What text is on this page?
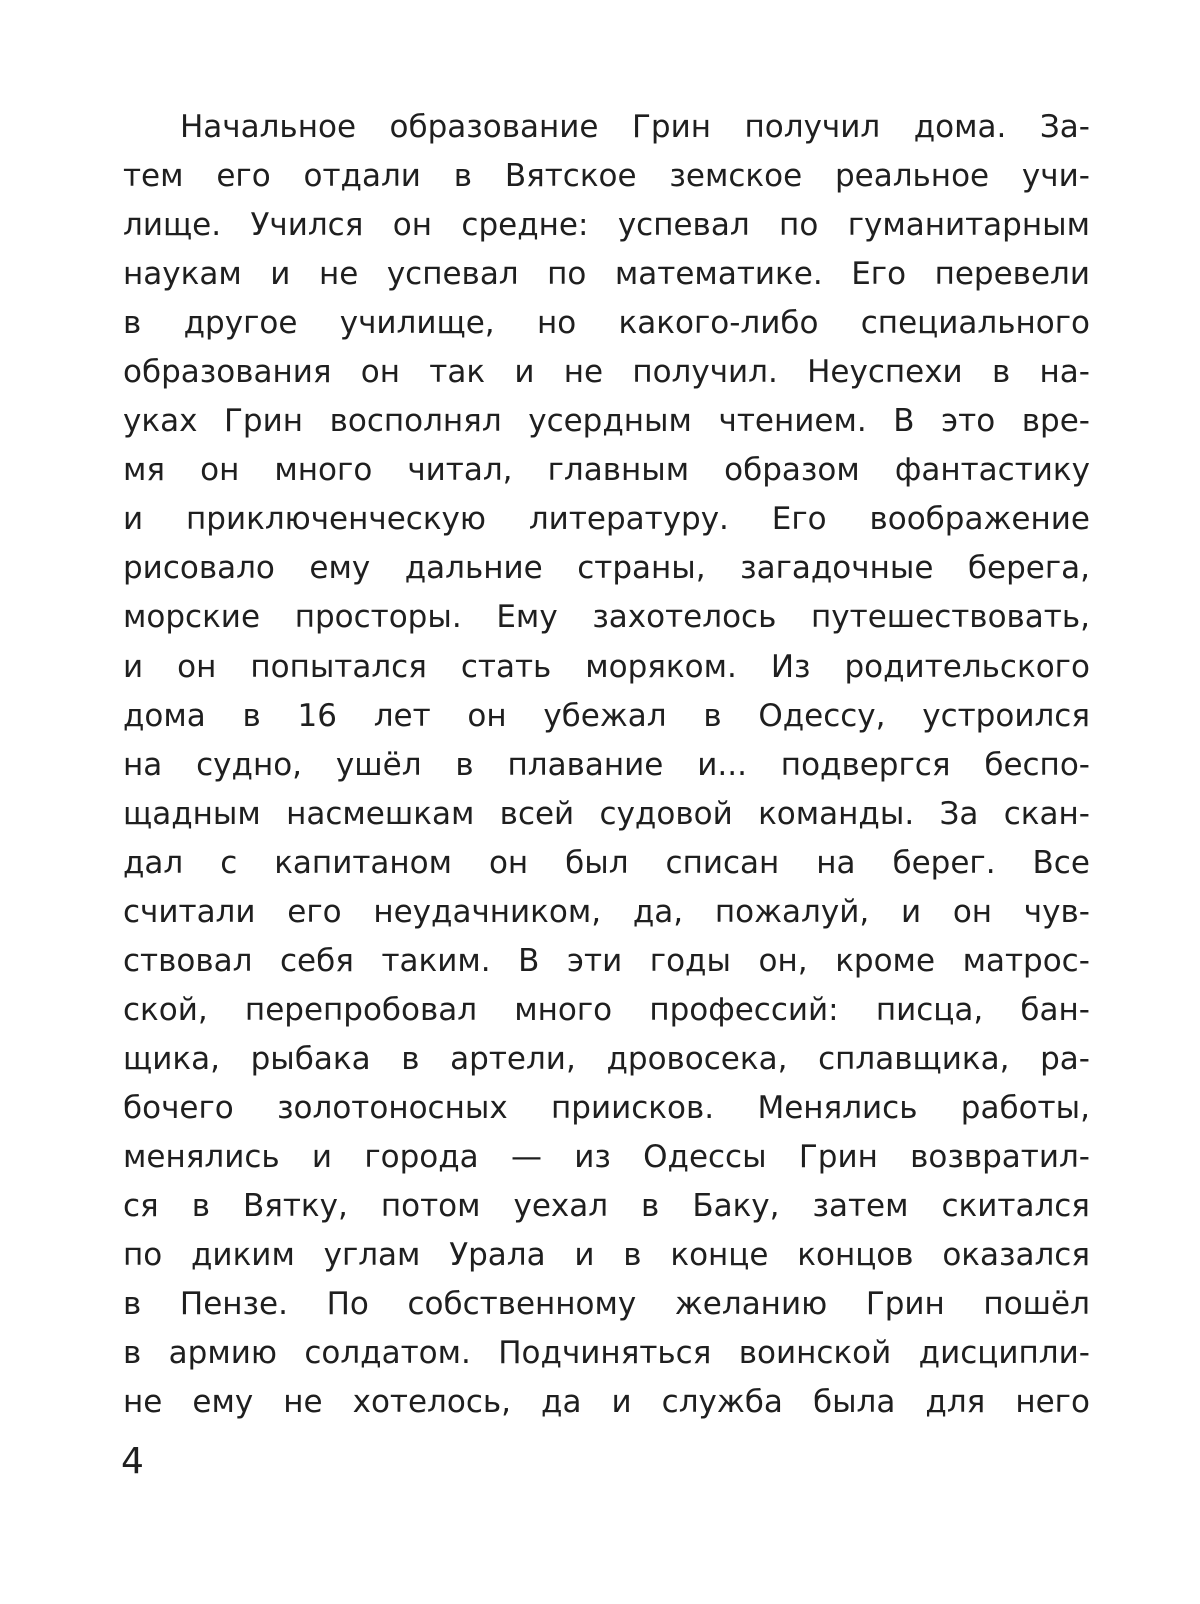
Начальное образование Грин получил дома. За-
тем его отдали в Вятское земское реальное учи-
лище. Учился он средне: успевал по гуманитарным
наукам и не успевал по математике. Его перевели
в другое училище, но какого-либо специального
образования он так и не получил. Неуспехи в на-
уках Грин восполнял усердным чтением. В это вре-
мя он много читал, главным образом фантастику
и приключенческую литературу. Его воображение
рисовало ему дальние страны, загадочные берега,
морские просторы. Ему захотелось путешествовать,
и он попытался стать моряком. Из родительского
дома в 16 лет он убежал в Одессу, устроился
на судно, ушёл в плавание и... подвергся беспо-
щадным насмешкам всей судовой команды. За скан-
дал с капитаном он был списан на берег. Все
считали его неудачником, да, пожалуй, и он чув-
ствовал себя таким. В эти годы он, кроме матрос-
ской, перепробовал много профессий: писца, бан-
щика, рыбака в артели, дровосека, сплавщика, ра-
бочего золотоносных приисков. Менялись работы,
менялись и города — из Одессы Грин возвратил-
ся в Вятку, потом уехал в Баку, затем скитался
по диким углам Урала и в конце концов оказался
в Пензе. По собственному желанию Грин пошёл
в армию солдатом. Подчиняться воинской дисципли-
не ему не хотелось, да и служба была для него
4
